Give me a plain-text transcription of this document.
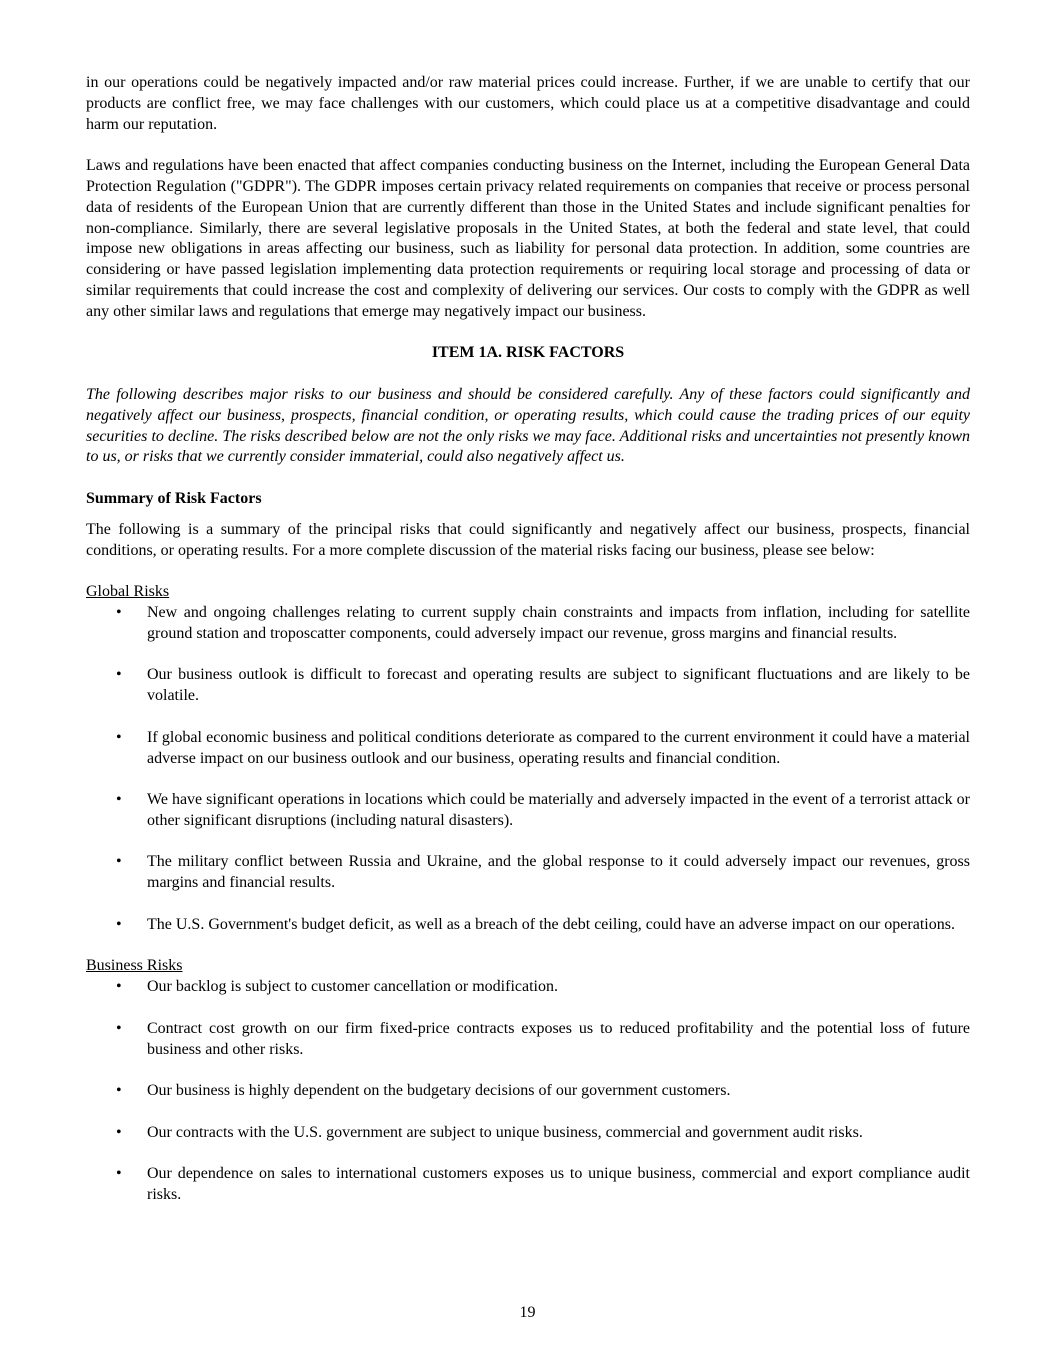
in our operations could be negatively impacted and/or raw material prices could increase. Further, if we are unable to certify that our products are conflict free, we may face challenges with our customers, which could place us at a competitive disadvantage and could harm our reputation.

Laws and regulations have been enacted that affect companies conducting business on the Internet, including the European General Data Protection Regulation ("GDPR"). The GDPR imposes certain privacy related requirements on companies that receive or process personal data of residents of the European Union that are currently different than those in the United States and include significant penalties for non-compliance. Similarly, there are several legislative proposals in the United States, at both the federal and state level, that could impose new obligations in areas affecting our business, such as liability for personal data protection. In addition, some countries are considering or have passed legislation implementing data protection requirements or requiring local storage and processing of data or similar requirements that could increase the cost and complexity of delivering our services. Our costs to comply with the GDPR as well any other similar laws and regulations that emerge may negatively impact our business.

ITEM 1A. RISK FACTORS

The following describes major risks to our business and should be considered carefully. Any of these factors could significantly and negatively affect our business, prospects, financial condition, or operating results, which could cause the trading prices of our equity securities to decline. The risks described below are not the only risks we may face. Additional risks and uncertainties not presently known to us, or risks that we currently consider immaterial, could also negatively affect us.

Summary of Risk Factors

The following is a summary of the principal risks that could significantly and negatively affect our business, prospects, financial conditions, or operating results. For a more complete discussion of the material risks facing our business, please see below:

Global Risks
• New and ongoing challenges relating to current supply chain constraints and impacts from inflation, including for satellite ground station and troposcatter components, could adversely impact our revenue, gross margins and financial results.
• Our business outlook is difficult to forecast and operating results are subject to significant fluctuations and are likely to be volatile.
• If global economic business and political conditions deteriorate as compared to the current environment it could have a material adverse impact on our business outlook and our business, operating results and financial condition.
• We have significant operations in locations which could be materially and adversely impacted in the event of a terrorist attack or other significant disruptions (including natural disasters).
• The military conflict between Russia and Ukraine, and the global response to it could adversely impact our revenues, gross margins and financial results.
• The U.S. Government's budget deficit, as well as a breach of the debt ceiling, could have an adverse impact on our operations.
Business Risks
• Our backlog is subject to customer cancellation or modification.
• Contract cost growth on our firm fixed-price contracts exposes us to reduced profitability and the potential loss of future business and other risks.
• Our business is highly dependent on the budgetary decisions of our government customers.
• Our contracts with the U.S. government are subject to unique business, commercial and government audit risks.
• Our dependence on sales to international customers exposes us to unique business, commercial and export compliance audit risks.
19
